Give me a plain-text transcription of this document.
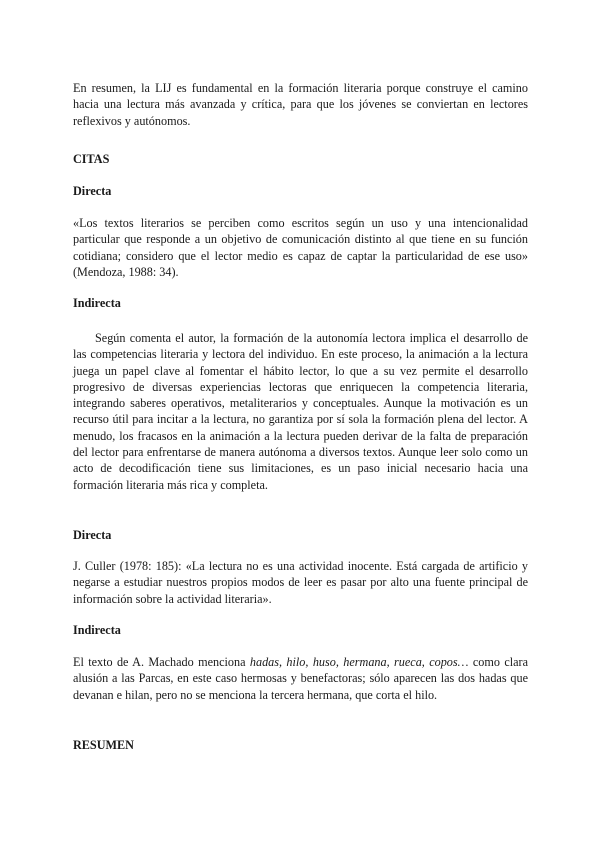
En resumen, la LIJ es fundamental en la formación literaria porque construye el camino hacia una lectura más avanzada y crítica, para que los jóvenes se conviertan en lectores reflexivos y autónomos.

CITAS
Directa

«Los textos literarios se perciben como escritos según un uso y una intencionalidad particular que responde a un objetivo de comunicación distinto al que tiene en su función cotidiana; considero que el lector medio es capaz de captar la particularidad de ese uso» (Mendoza, 1988: 34).

Indirecta

Según comenta el autor, la formación de la autonomía lectora implica el desarrollo de las competencias literaria y lectora del individuo. En este proceso, la animación a la lectura juega un papel clave al fomentar el hábito lector, lo que a su vez permite el desarrollo progresivo de diversas experiencias lectoras que enriquecen la competencia literaria, integrando saberes operativos, metaliterarios y conceptuales. Aunque la motivación es un recurso útil para incitar a la lectura, no garantiza por sí sola la formación plena del lector. A menudo, los fracasos en la animación a la lectura pueden derivar de la falta de preparación del lector para enfrentarse de manera autónoma a diversos textos. Aunque leer solo como un acto de decodificación tiene sus limitaciones, es un paso inicial necesario hacia una formación literaria más rica y completa.

Directa

J. Culler (1978: 185): «La lectura no es una actividad inocente. Está cargada de artificio y negarse a estudiar nuestros propios modos de leer es pasar por alto una fuente principal de información sobre la actividad literaria».

Indirecta

El texto de A. Machado menciona hadas, hilo, huso, hermana, rueca, copos… como clara alusión a las Parcas, en este caso hermosas y benefactoras; sólo aparecen las dos hadas que devanan e hilan, pero no se menciona la tercera hermana, que corta el hilo.

RESUMEN
